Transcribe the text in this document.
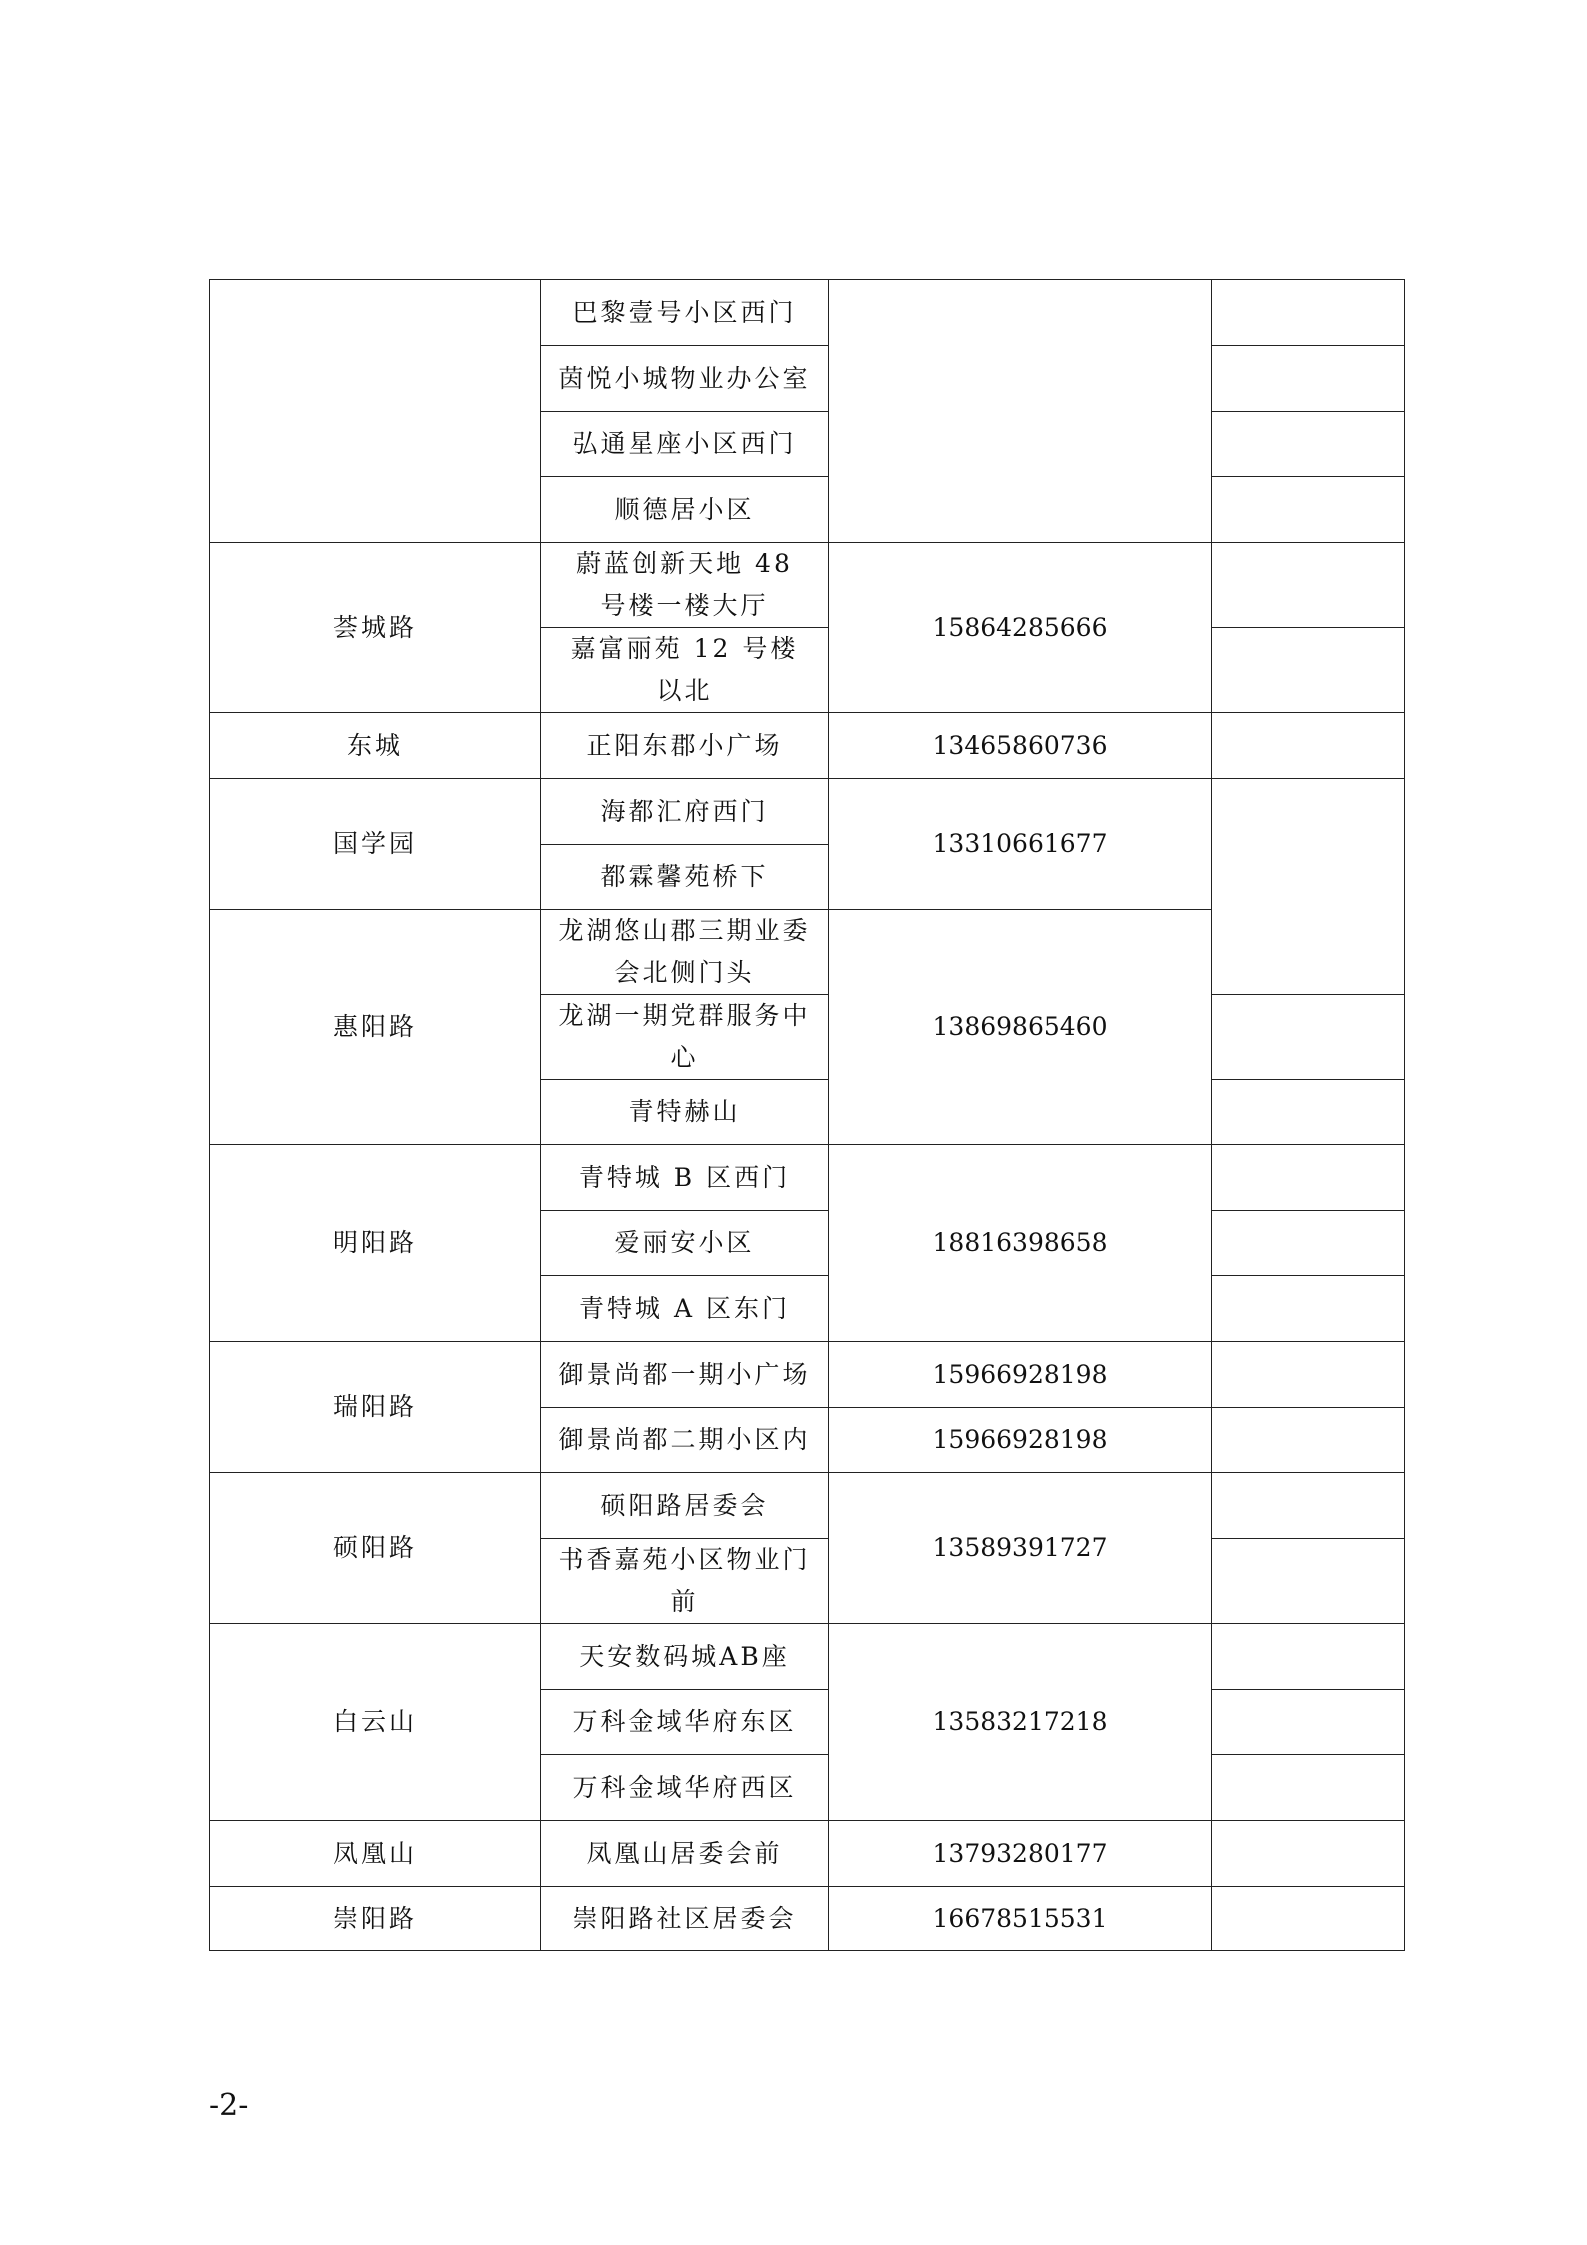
	巴黎壹号小区西门		
	茵悦小城物业办公室		
	弘通星座小区西门		
	顺德居小区		
荟城路	蔚蓝创新天地 48 号楼一楼大厅	15864285666	
	嘉富丽苑 12 号楼以北		
东城	正阳东郡小广场	13465860736	
国学园	海都汇府西门	13310661677	
	都霖馨苑桥下		
惠阳路	龙湖悠山郡三期业委会北侧门头	13869865460	
	龙湖一期党群服务中心		
	青特赫山		
明阳路	青特城 B 区西门	18816398658	
	爱丽安小区		
	青特城 A 区东门		
瑞阳路	御景尚都一期小广场	15966928198	
	御景尚都二期小区内	15966928198	
硕阳路	硕阳路居委会	13589391727	
	书香嘉苑小区物业门前		
白云山	天安数码城AB座	13583217218	
	万科金域华府东区		
	万科金域华府西区		
凤凰山	凤凰山居委会前	13793280177	
崇阳路	崇阳路社区居委会	16678515531	
-2-
